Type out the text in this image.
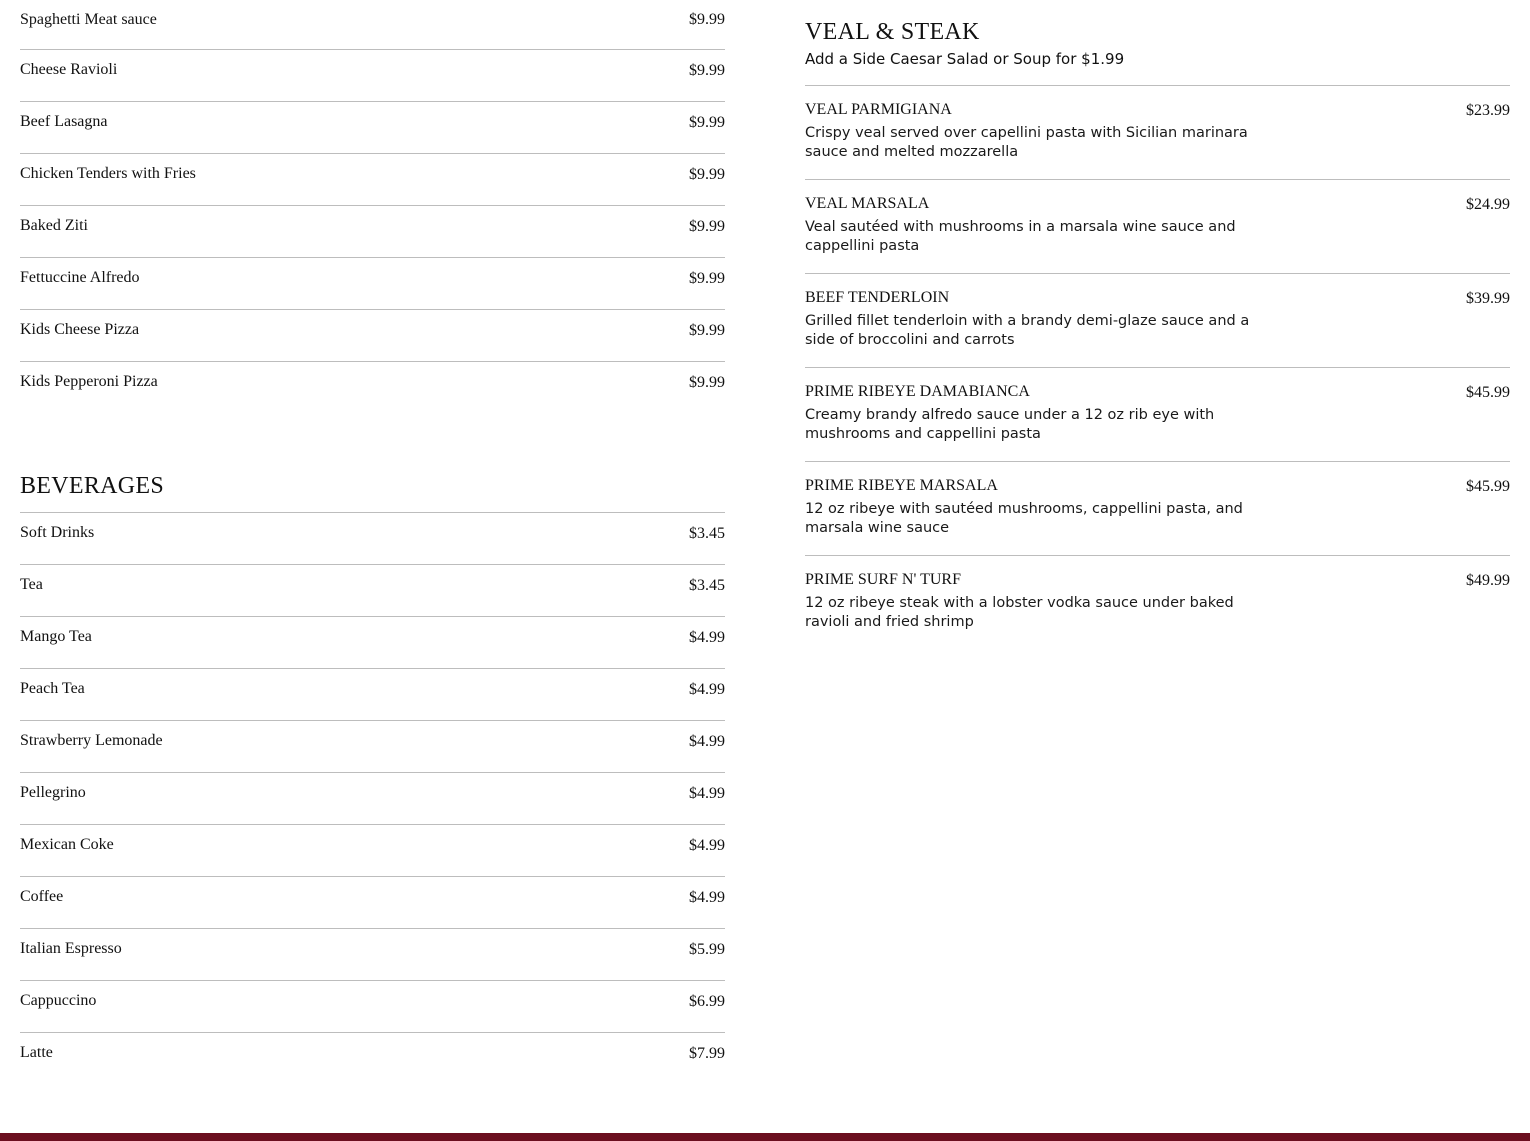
Spaghetti Meat sauce	$9.99
Cheese Ravioli	$9.99
Beef Lasagna	$9.99
Chicken Tenders with Fries	$9.99
Baked Ziti	$9.99
Fettuccine Alfredo	$9.99
Kids Cheese Pizza	$9.99
Kids Pepperoni Pizza	$9.99
BEVERAGES
Soft Drinks	$3.45
Tea	$3.45
Mango Tea	$4.99
Peach Tea	$4.99
Strawberry Lemonade	$4.99
Pellegrino	$4.99
Mexican Coke	$4.99
Coffee	$4.99
Italian Espresso	$5.99
Cappuccino	$6.99
Latte	$7.99
VEAL & STEAK
Add a Side Caesar Salad or Soup for $1.99
VEAL PARMIGIANA	$23.99
Crispy veal served over capellini pasta with Sicilian marinara sauce and melted mozzarella
VEAL MARSALA	$24.99
Veal sautéed with mushrooms in a marsala wine sauce and cappellini pasta
BEEF TENDERLOIN	$39.99
Grilled fillet tenderloin with a brandy demi-glaze sauce and a side of broccolini and carrots
PRIME RIBEYE DAMABIANCA	$45.99
Creamy brandy alfredo sauce under a 12 oz rib eye with mushrooms and cappellini pasta
PRIME RIBEYE MARSALA	$45.99
12 oz ribeye with sautéed mushrooms, cappellini pasta, and marsala wine sauce
PRIME SURF N' TURF	$49.99
12 oz ribeye steak with a lobster vodka sauce under baked ravioli and fried shrimp
